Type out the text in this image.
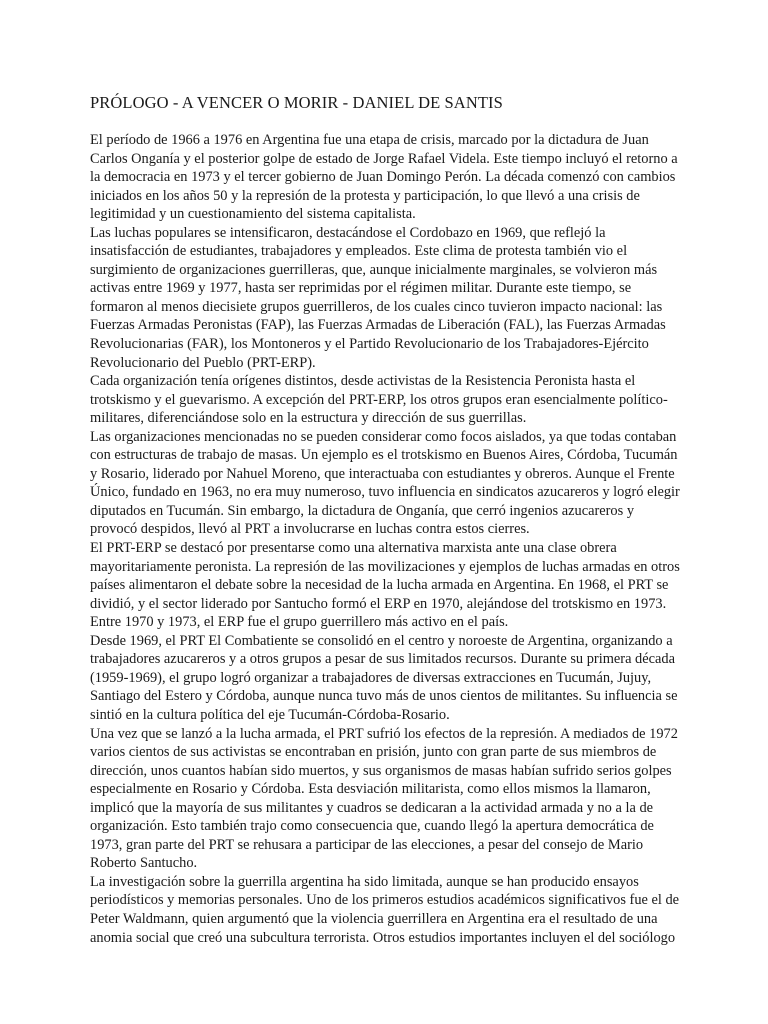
PRÓLOGO - A VENCER O MORIR - DANIEL DE SANTIS

El período de 1966 a 1976 en Argentina fue una etapa de crisis, marcado por la dictadura de Juan Carlos Onganía y el posterior golpe de estado de Jorge Rafael Videla. Este tiempo incluyó el retorno a la democracia en 1973 y el tercer gobierno de Juan Domingo Perón. La década comenzó con cambios iniciados en los años 50 y la represión de la protesta y participación, lo que llevó a una crisis de legitimidad y un cuestionamiento del sistema capitalista.

Las luchas populares se intensificaron, destacándose el Cordobazo en 1969, que reflejó la insatisfacción de estudiantes, trabajadores y empleados. Este clima de protesta también vio el surgimiento de organizaciones guerrilleras, que, aunque inicialmente marginales, se volvieron más activas entre 1969 y 1977, hasta ser reprimidas por el régimen militar. Durante este tiempo, se formaron al menos diecisiete grupos guerrilleros, de los cuales cinco tuvieron impacto nacional: las Fuerzas Armadas Peronistas (FAP), las Fuerzas Armadas de Liberación (FAL), las Fuerzas Armadas Revolucionarias (FAR), los Montoneros y el Partido Revolucionario de los Trabajadores-Ejército Revolucionario del Pueblo (PRT-ERP).

Cada organización tenía orígenes distintos, desde activistas de la Resistencia Peronista hasta el trotskismo y el guevarismo. A excepción del PRT-ERP, los otros grupos eran esencialmente político-militares, diferenciándose solo en la estructura y dirección de sus guerrillas.

Las organizaciones mencionadas no se pueden considerar como focos aislados, ya que todas contaban con estructuras de trabajo de masas. Un ejemplo es el trotskismo en Buenos Aires, Córdoba, Tucumán y Rosario, liderado por Nahuel Moreno, que interactuaba con estudiantes y obreros. Aunque el Frente Único, fundado en 1963, no era muy numeroso, tuvo influencia en sindicatos azucareros y logró elegir diputados en Tucumán. Sin embargo, la dictadura de Onganía, que cerró ingenios azucareros y provocó despidos, llevó al PRT a involucrarse en luchas contra estos cierres.

El PRT-ERP se destacó por presentarse como una alternativa marxista ante una clase obrera mayoritariamente peronista. La represión de las movilizaciones y ejemplos de luchas armadas en otros países alimentaron el debate sobre la necesidad de la lucha armada en Argentina. En 1968, el PRT se dividió, y el sector liderado por Santucho formó el ERP en 1970, alejándose del trotskismo en 1973. Entre 1970 y 1973, el ERP fue el grupo guerrillero más activo en el país.

Desde 1969, el PRT El Combatiente se consolidó en el centro y noroeste de Argentina, organizando a trabajadores azucareros y a otros grupos a pesar de sus limitados recursos. Durante su primera década (1959-1969), el grupo logró organizar a trabajadores de diversas extracciones en Tucumán, Jujuy, Santiago del Estero y Córdoba, aunque nunca tuvo más de unos cientos de militantes. Su influencia se sintió en la cultura política del eje Tucumán-Córdoba-Rosario.

Una vez que se lanzó a la lucha armada, el PRT sufrió los efectos de la represión. A mediados de 1972 varios cientos de sus activistas se encontraban en prisión, junto con gran parte de sus miembros de dirección, unos cuantos habían sido muertos, y sus organismos de masas habían sufrido serios golpes especialmente en Rosario y Córdoba. Esta desviación militarista, como ellos mismos la llamaron, implicó que la mayoría de sus militantes y cuadros se dedicaran a la actividad armada y no a la de organización. Esto también trajo como consecuencia que, cuando llegó la apertura democrática de 1973, gran parte del PRT se rehusara a participar de las elecciones, a pesar del consejo de Mario Roberto Santucho.

La investigación sobre la guerrilla argentina ha sido limitada, aunque se han producido ensayos periodísticos y memorias personales. Uno de los primeros estudios académicos significativos fue el de Peter Waldmann, quien argumentó que la violencia guerrillera en Argentina era el resultado de una anomia social que creó una subcultura terrorista. Otros estudios importantes incluyen el del sociólogo
